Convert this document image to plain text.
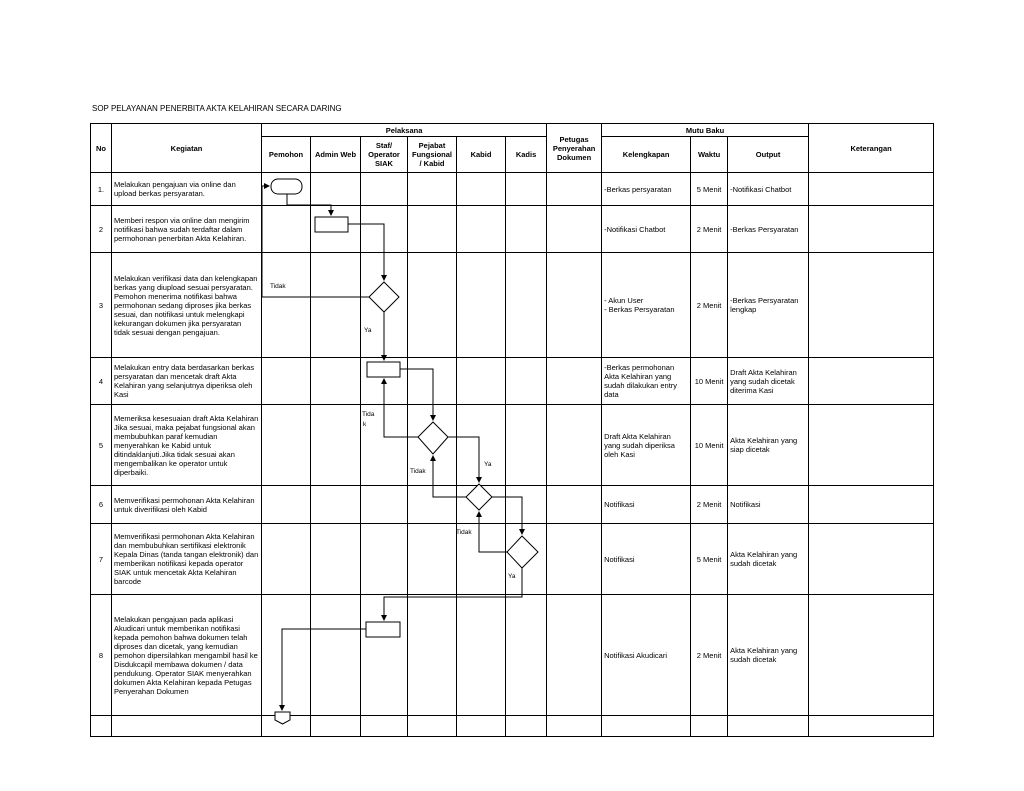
SOP PELAYANAN PENERBITA AKTA KELAHIRAN SECARA DARING
No	Kegiatan	Pelaksana						Petugas Penyerahan Dokumen	Mutu Baku			Keterangan
		Pemohon	Admin Web	Staf/ Operator SIAK	Pejabat Fungsional / Kabid	Kabid	Kadis		Kelengkapan	Waktu	Output	
1.	Melakukan pengajuan via online dan upload berkas persyaratan.								-Berkas persyaratan	5 Menit	-Notifikasi Chatbot	
2	Memberi respon via online dan mengirim notifikasi bahwa sudah terdaftar dalam permohonan penerbitan Akta Kelahiran.								-Notifikasi Chatbot	2 Menit	-Berkas Persyaratan	
3	Melakukan verifikasi data dan kelengkapan berkas yang diupload sesuai persyaratan. Pemohon menerima notifikasi bahwa permohonan sedang diproses jika berkas sesuai, dan notifikasi untuk melengkapi kekurangan dokumen jika persyaratan tidak sesuai dengan pengajuan.								- Akun User
- Berkas Persyaratan	2 Menit	-Berkas Persyaratan lengkap	
4	Melakukan entry data berdasarkan berkas persyaratan dan mencetak draft Akta Kelahiran yang selanjutnya diperiksa oleh Kasi								-Berkas permohonan Akta Kelahiran yang sudah dilakukan entry data	10 Menit	Draft Akta Kelahiran yang sudah dicetak diterima Kasi	
5	Memeriksa kesesuaian draft Akta Kelahiran Jika sesuai, maka pejabat fungsional akan membubuhkan paraf kemudian menyerahkan ke Kabid untuk ditindaklanjuti.Jika tidak sesuai akan mengembalikan ke operator untuk diperbaiki.								Draft Akta Kelahiran yang sudah diperiksa oleh Kasi	10 Menit	Akta Kelahiran yang siap dicetak	
6	Memverifikasi permohonan Akta Kelahiran untuk diverifikasi oleh Kabid								Notifikasi	2 Menit	Notifikasi	
7	Memverifikasi permohonan Akta Kelahiran dan membubuhkan sertifikasi elektronik Kepala Dinas (tanda tangan elektronik) dan memberikan notifikasi kepada operator SIAK untuk mencetak Akta Kelahiran barcode								Notifikasi	5 Menit	Akta Kelahiran yang sudah dicetak	
8	Melakukan pengajuan pada aplikasi Akudicari untuk memberikan notifikasi kepada pemohon bahwa dokumen telah diproses dan dicetak, yang kemudian pemohon dipersilahkan mengambil hasil ke Disdukcapil membawa dokumen / data pendukung. Operator SIAK menyerahkan dokumen Akta Kelahiran kepada Petugas Penyerahan Dokumen								Notifikasi Akudicari	2 Menit	Akta Kelahiran yang sudah dicetak	

Tidak
Ya
Tida
k
Tidak
Ya
Tidak
Ya
